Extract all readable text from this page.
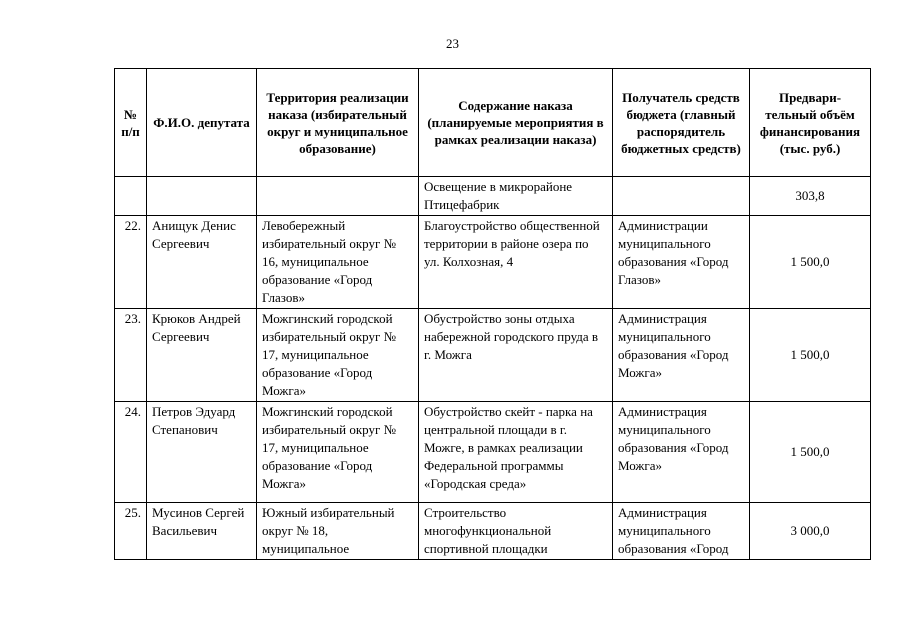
23
№ п/п	Ф.И.О. депутата	Территория реализации наказа (избирательный округ и муниципальное образование)	Содержание наказа (планируемые мероприятия в рамках реализации наказа)	Получатель средств бюджета (главный распорядитель бюджетных средств)	Предвари-тельный объём финансирования (тыс. руб.)
			Освещение в микрорайоне Птицефабрик		303,8
22.	Анищук Денис Сергеевич	Левобережный избирательный округ № 16, муниципальное образование «Город Глазов»	Благоустройство общественной территории в районе озера по ул. Колхозная, 4	Администрации муниципального образования «Город Глазов»	1 500,0
23.	Крюков Андрей Сергеевич	Можгинский городской избирательный округ № 17, муниципальное образование «Город Можга»	Обустройство зоны отдыха набережной городского пруда в г. Можга	Администрация муниципального образования «Город Можга»	1 500,0
24.	Петров Эдуард Степанович	Можгинский городской избирательный округ № 17, муниципальное образование «Город Можга»	Обустройство скейт - парка на центральной площади в г. Можге, в рамках реализации Федеральной программы «Городская среда»	Администрация муниципального образования «Город Можга»	1 500,0
25.	Мусинов Сергей Васильевич	Южный избирательный округ № 18, муниципальное	Строительство многофункциональной спортивной площадки	Администрация муниципального образования «Город	3 000,0
